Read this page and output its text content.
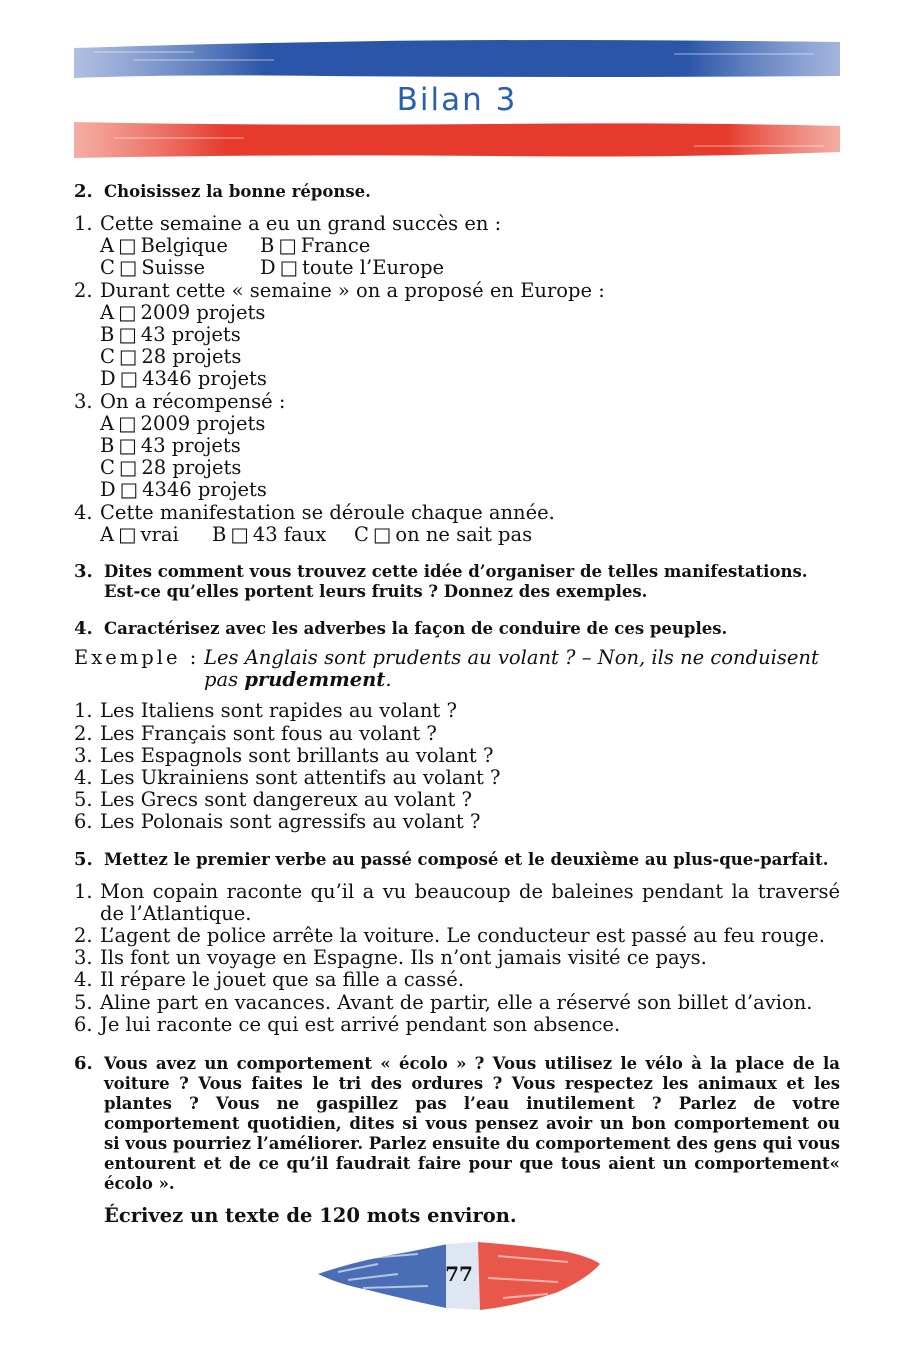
Bilan 3
2. Choisissez la bonne réponse.
1. Cette semaine a eu un grand succès en :
A □ Belgique B □ France
C □ Suisse	D □ toute l’Europe
2. Durant cette « semaine » on a proposé en Europe :
A □ 2009 projets
B □ 43 projets
C □ 28 projets
D □ 4346 projets
3. On a récompensé :
A □ 2009 projets
B □ 43 projets
C □ 28 projets
D □ 4346 projets
4. Cette manifestation se déroule chaque année.
A □ vrai B □ 43 faux C □ on ne sait pas
3. Dites comment vous trouvez cette idée d’organiser de telles manifestations. Est-ce qu’elles portent leurs fruits ? Donnez des exemples.
4. Caractérisez avec les adverbes la façon de conduire de ces peuples.
Exemple : Les Anglais sont prudents au volant ? – Non, ils ne conduisent pas prudemment.
1. Les Italiens sont rapides au volant ?
2. Les Français sont fous au volant ?
3. Les Espagnols sont brillants au volant ?
4. Les Ukrainiens sont attentifs au volant ?
5. Les Grecs sont dangereux au volant ?
6. Les Polonais sont agressifs au volant ?
5. Mettez le premier verbe au passé composé et le deuxième au plus-que-parfait.
1. Mon copain raconte qu’il a vu beaucoup de baleines pendant la traversé de l’Atlantique.
2. L’agent de police arrête la voiture. Le conducteur est passé au feu rouge.
3. Ils font un voyage en Espagne. Ils n’ont jamais visité ce pays.
4. Il répare le jouet que sa fille a cassé.
5. Aline part en vacances. Avant de partir, elle a réservé son billet d’avion.
6. Je lui raconte ce qui est arrivé pendant son absence.
6. Vous avez un comportement « écolo » ? Vous utilisez le vélo à la place de la voiture ? Vous faites le tri des ordures ? Vous respectez les animaux et les plantes ? Vous ne gaspillez pas l’eau inutilement ? Parlez de votre comportement quotidien, dites si vous pensez avoir un bon comportement ou si vous pourriez l’améliorer. Parlez ensuite du comportement des gens qui vous entourent et de ce qu’il faudrait faire pour que tous aient un comportement« écolo ».
Écrivez un texte de 120 mots environ.
77
